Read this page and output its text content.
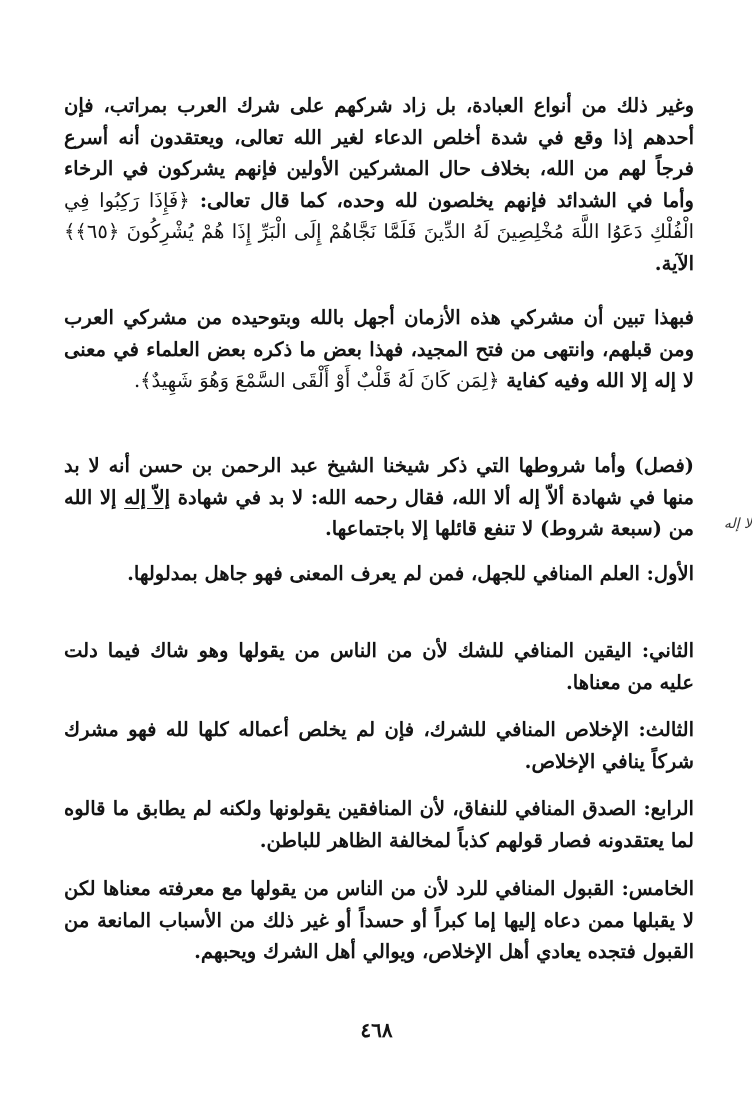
وغير ذلك من أنواع العبادة، بل زاد شركهم على شرك العرب بمراتب، فإن أحدهم إذا وقع في شدة أخلص الدعاء لغير الله تعالى، ويعتقدون أنه أسرع فرجاً لهم من الله، بخلاف حال المشركين الأولين فإنهم يشركون في الرخاء وأما في الشدائد فإنهم يخلصون لله وحده، كما قال تعالى: ﴿فَإِذَا رَكِبُوا فِي الْفُلْكِ دَعَوُا اللَّهَ مُخْلِصِينَ لَهُ الدِّينَ فَلَمَّا نَجَّاهُمْ إِلَى الْبَرِّ إِذَا هُمْ يُشْرِكُونَ ﴿٦٥﴾﴾ الآية.

فبهذا تبين أن مشركي هذه الأزمان أجهل بالله وبتوحيده من مشركي العرب ومن قبلهم، وانتهى من فتح المجيد، فهذا بعض ما ذكره بعض العلماء في معنى لا إله إلا الله وفيه كفاية ﴿لِمَن كَانَ لَهُ قَلْبٌ أَوْ أَلْقَى السَّمْعَ وَهُوَ شَهِيدٌ﴾.

(فصل) وأما شروطها التي ذكر شيخنا الشيخ عبد الرحمن بن حسن أنه لا بد منها في شهادة ألاّ إله ألا الله، فقال رحمه الله: لا بد في شهادة إلاّ إله إلا الله من (سبعة شروط) لا تنفع قائلها إلا باجتماعها.

الأول: العلم المنافي للجهل، فمن لم يعرف المعنى فهو جاهل بمدلولها.

الثاني: اليقين المنافي للشك لأن من الناس من يقولها وهو شاك فيما دلت عليه من معناها.

الثالث: الإخلاص المنافي للشرك، فإن لم يخلص أعماله كلها لله فهو مشرك شركاً ينافي الإخلاص.

الرابع: الصدق المنافي للنفاق، لأن المنافقين يقولونها ولكنه لم يطابق ما قالوه لما يعتقدونه فصار قولهم كذباً لمخالفة الظاهر للباطن.

الخامس: القبول المنافي للرد لأن من الناس من يقولها مع معرفته معناها لكن لا يقبلها ممن دعاه إليها إما كبراً أو حسداً أو غير ذلك من الأسباب المانعة من القبول فتجده يعادي أهل الإخلاص، ويوالي أهل الشرك ويحبهم.

لا إله
٤٦٨
